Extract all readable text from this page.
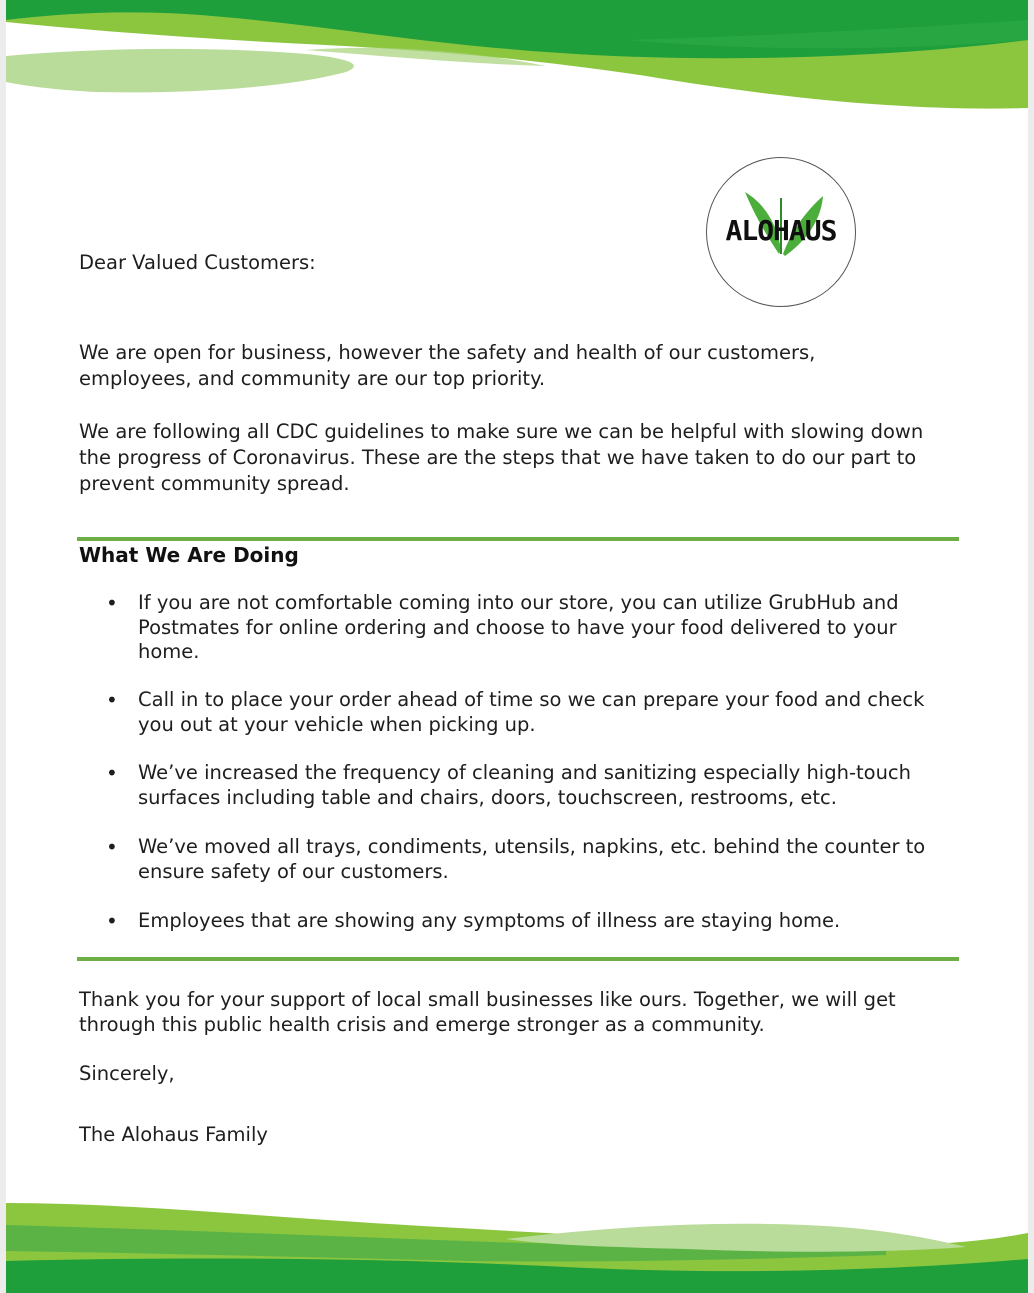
ALOHAUS

Dear Valued Customers:

We are open for business, however the safety and health of our customers,
employees, and community are our top priority.

We are following all CDC guidelines to make sure we can be helpful with slowing down
the progress of Coronavirus. These are the steps that we have taken to do our part to
prevent community spread.

What We Are Doing
• If you are not comfortable coming into our store, you can utilize GrubHub and
Postmates for online ordering and choose to have your food delivered to your
home.
• Call in to place your order ahead of time so we can prepare your food and check
you out at your vehicle when picking up.
• We’ve increased the frequency of cleaning and sanitizing especially high-touch
surfaces including table and chairs, doors, touchscreen, restrooms, etc.
• We’ve moved all trays, condiments, utensils, napkins, etc. behind the counter to
ensure safety of our customers.
• Employees that are showing any symptoms of illness are staying home.

Thank you for your support of local small businesses like ours. Together, we will get
through this public health crisis and emerge stronger as a community.

Sincerely,

The Alohaus Family
